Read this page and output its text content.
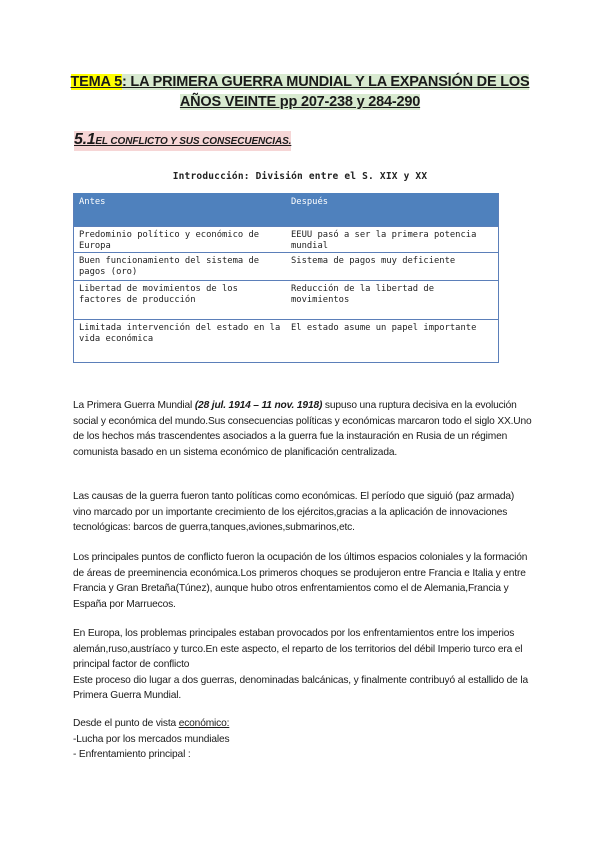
TEMA 5: LA PRIMERA GUERRA MUNDIAL Y LA EXPANSIÓN DE LOS
AÑOS VEINTE pp 207-238 y 284-290
5.1EL CONFLICTO Y SUS CONSECUENCIAS.
Introducción: División entre el S. XIX y XX
Antes	Después
Predominio político y económico de Europa
EEUU pasó a ser la primera potencia mundial
Buen funcionamiento del sistema de pagos (oro)
Sistema de pagos muy deficiente
Libertad de movimientos de los factores de producción
Reducción de la libertad de movimientos
Limitada intervención del estado en la vida económica
El estado asume un papel importante

La Primera Guerra Mundial (28 jul. 1914 – 11 nov. 1918) supuso una ruptura decisiva en la evolución social y económica del mundo.Sus consecuencias políticas y económicas marcaron todo el siglo XX.Uno de los hechos más trascendentes asociados a la guerra fue la instauración en Rusia de un régimen comunista basado en un sistema económico de planificación centralizada.

Las causas de la guerra fueron tanto políticas como económicas. El período que siguió (paz armada) vino marcado por un importante crecimiento de los ejércitos,gracias a la aplicación de innovaciones tecnológicas: barcos de guerra,tanques,aviones,submarinos,etc.

Los principales puntos de conflicto fueron la ocupación de los últimos espacios coloniales y la formación de áreas de preeminencia económica.Los primeros choques se produjeron entre Francia e Italia y entre Francia y Gran Bretaña(Túnez), aunque hubo otros enfrentamientos como el de Alemania,Francia y España por Marruecos.

En Europa, los problemas principales estaban provocados por los enfrentamientos entre los imperios alemán,ruso,austríaco y turco.En este aspecto, el reparto de los territorios del débil Imperio turco era el principal factor de conflicto

Este proceso dio lugar a dos guerras, denominadas balcánicas, y finalmente contribuyó al estallido de la Primera Guerra Mundial.

Desde el punto de vista económico:

-Lucha por los mercados mundiales

- Enfrentamiento principal :
